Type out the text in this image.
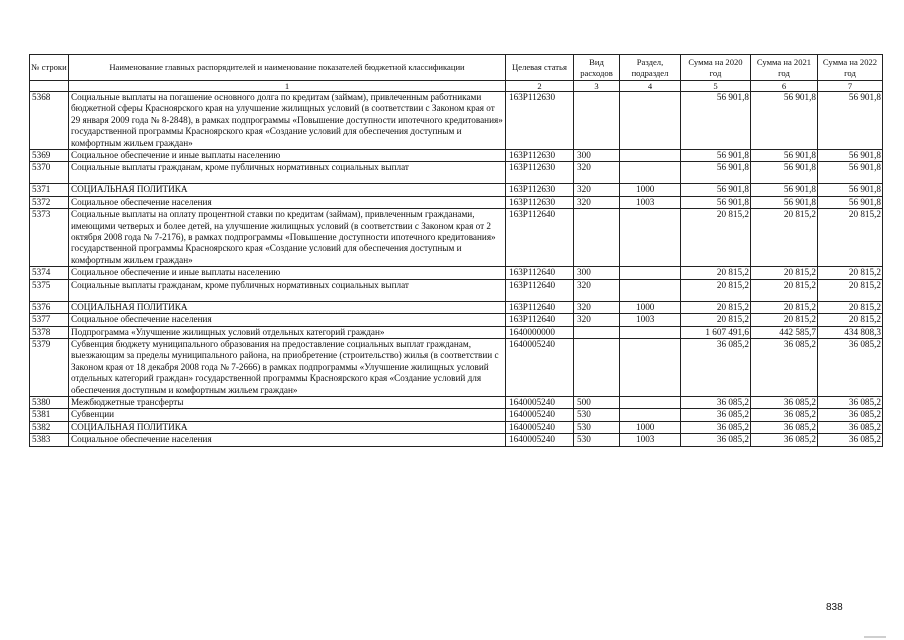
№ строки	Наименование главных распорядителей и наименование показателей бюджетной классификации	Целевая статья	Вид расходов	Раздел, подраздел	Сумма на 2020 год	Сумма на 2021 год	Сумма на 2022 год
	1	2	3	4	5	6	7
5368	Социальные выплаты на погашение основного долга по кредитам (займам), привлеченным работниками бюджетной сферы Красноярского края на улучшение жилищных условий (в соответствии с Законом края от 29 января 2009 года № 8-2848), в рамках подпрограммы «Повышение доступности ипотечного кредитования» государственной программы Красноярского края «Создание условий для обеспечения доступным и комфортным жильем граждан»	163Р112630			56 901,8	56 901,8	56 901,8
5369	Социальное обеспечение и иные выплаты населению	163Р112630	300		56 901,8	56 901,8	56 901,8
5370	Социальные выплаты гражданам, кроме публичных нормативных социальных выплат	163Р112630	320		56 901,8	56 901,8	56 901,8
5371	СОЦИАЛЬНАЯ ПОЛИТИКА	163Р112630	320	1000	56 901,8	56 901,8	56 901,8
5372	Социальное обеспечение населения	163Р112630	320	1003	56 901,8	56 901,8	56 901,8
5373	Социальные выплаты на оплату процентной ставки по кредитам (займам), привлеченным гражданами, имеющими четверых и более детей, на улучшение жилищных условий (в соответствии с Законом края от 2 октября 2008 года № 7-2176), в рамках подпрограммы «Повышение доступности ипотечного кредитования» государственной программы Красноярского края «Создание условий для обеспечения доступным и комфортным жильем граждан»	163Р112640			20 815,2	20 815,2	20 815,2
5374	Социальное обеспечение и иные выплаты населению	163Р112640	300		20 815,2	20 815,2	20 815,2
5375	Социальные выплаты гражданам, кроме публичных нормативных социальных выплат	163Р112640	320		20 815,2	20 815,2	20 815,2
5376	СОЦИАЛЬНАЯ ПОЛИТИКА	163Р112640	320	1000	20 815,2	20 815,2	20 815,2
5377	Социальное обеспечение населения	163Р112640	320	1003	20 815,2	20 815,2	20 815,2
5378	Подпрограмма «Улучшение жилищных условий отдельных категорий граждан»	1640000000			1 607 491,6	442 585,7	434 808,3
5379	Субвенция бюджету муниципального образования на предоставление социальных выплат гражданам, выезжающим за пределы муниципального района, на приобретение (строительство) жилья (в соответствии с Законом края от 18 декабря 2008 года № 7-2666) в рамках подпрограммы «Улучшение жилищных условий отдельных категорий граждан» государственной программы Красноярского края «Создание условий для обеспечения доступным и комфортным жильем граждан»	1640005240			36 085,2	36 085,2	36 085,2
5380	Межбюджетные трансферты	1640005240	500		36 085,2	36 085,2	36 085,2
5381	Субвенции	1640005240	530		36 085,2	36 085,2	36 085,2
5382	СОЦИАЛЬНАЯ ПОЛИТИКА	1640005240	530	1000	36 085,2	36 085,2	36 085,2
5383	Социальное обеспечение населения	1640005240	530	1003	36 085,2	36 085,2	36 085,2
838
